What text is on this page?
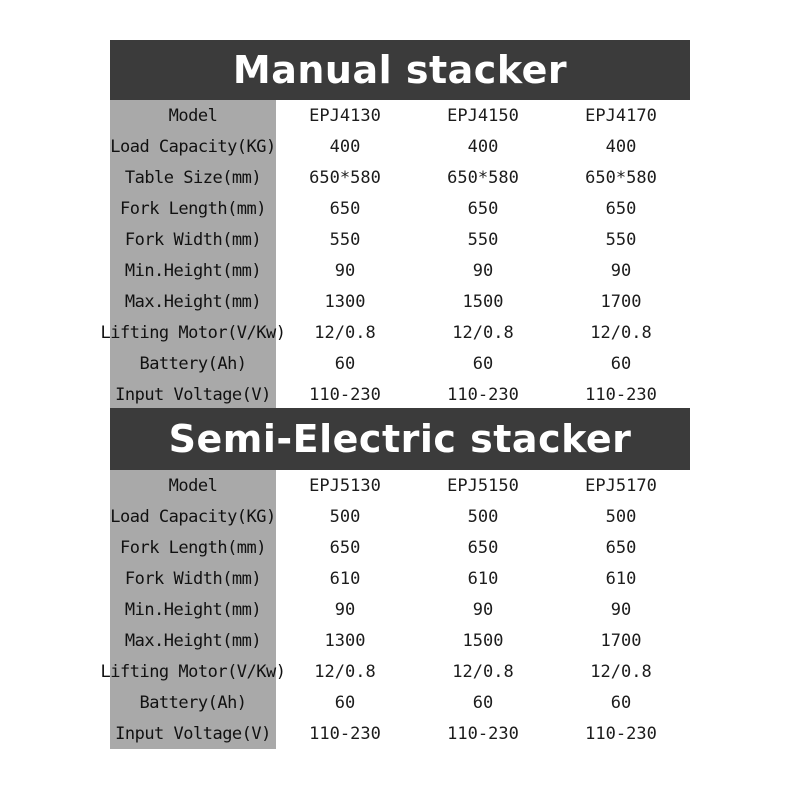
Manual stacker
Model	EPJ4130	EPJ4150	EPJ4170

Load Capacity(KG)	400	400	400

Table Size(mm)	650*580	650*580	650*580

Fork Length(mm)	650	650	650

Fork Width(mm)	550	550	550

Min.Height(mm)	90	90	90

Max.Height(mm)	1300	1500	1700

Lifting Motor(V/Kw)	12/0.8	12/0.8	12/0.8

Battery(Ah)	60	60	60

Input Voltage(V)	110-230	110-230	110-230
Semi-Electric stacker
Model	EPJ5130	EPJ5150	EPJ5170

Load Capacity(KG)	500	500	500

Fork Length(mm)	650	650	650

Fork Width(mm)	610	610	610

Min.Height(mm)	90	90	90

Max.Height(mm)	1300	1500	1700

Lifting Motor(V/Kw)	12/0.8	12/0.8	12/0.8

Battery(Ah)	60	60	60

Input Voltage(V)	110-230	110-230	110-230
